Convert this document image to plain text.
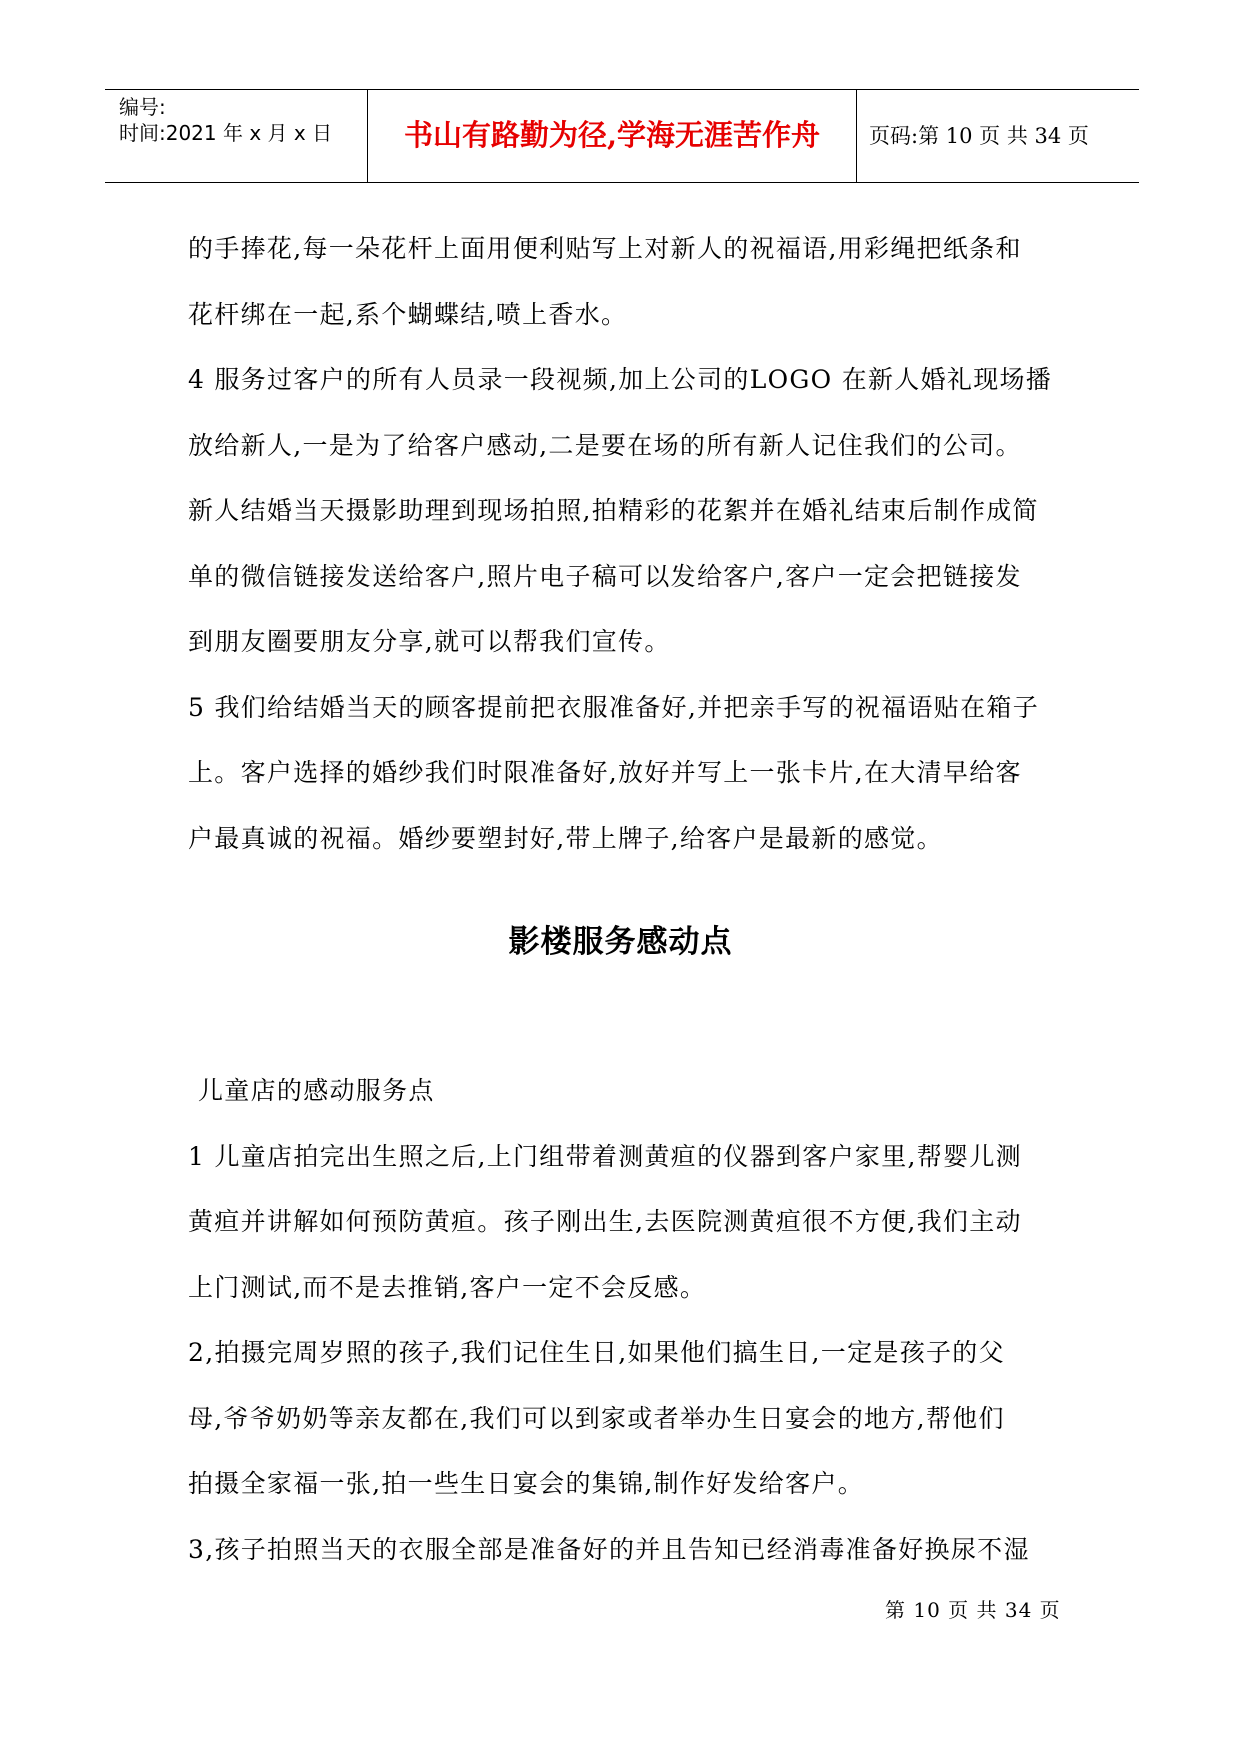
编号:
时间:2021 年 x 月 x 日	书山有路勤为径,学海无涯苦作舟	页码:第 10 页 共 34 页
的手捧花,每一朵花杆上面用便利贴写上对新人的祝福语,用彩绳把纸条和
花杆绑在一起,系个蝴蝶结,喷上香水。
4 服务过客户的所有人员录一段视频,加上公司的LOGO 在新人婚礼现场播
放给新人,一是为了给客户感动,二是要在场的所有新人记住我们的公司。
新人结婚当天摄影助理到现场拍照,拍精彩的花絮并在婚礼结束后制作成简
单的微信链接发送给客户,照片电子稿可以发给客户,客户一定会把链接发
到朋友圈要朋友分享,就可以帮我们宣传。
5 我们给结婚当天的顾客提前把衣服准备好,并把亲手写的祝福语贴在箱子
上。客户选择的婚纱我们时限准备好,放好并写上一张卡片,在大清早给客
户最真诚的祝福。婚纱要塑封好,带上牌子,给客户是最新的感觉。
影楼服务感动点
儿童店的感动服务点
1 儿童店拍完出生照之后,上门组带着测黄疸的仪器到客户家里,帮婴儿测
黄疸并讲解如何预防黄疸。孩子刚出生,去医院测黄疸很不方便,我们主动
上门测试,而不是去推销,客户一定不会反感。
2,拍摄完周岁照的孩子,我们记住生日,如果他们搞生日,一定是孩子的父
母,爷爷奶奶等亲友都在,我们可以到家或者举办生日宴会的地方,帮他们
拍摄全家福一张,拍一些生日宴会的集锦,制作好发给客户。
3,孩子拍照当天的衣服全部是准备好的并且告知已经消毒准备好换尿不湿
第 10 页 共 34 页
